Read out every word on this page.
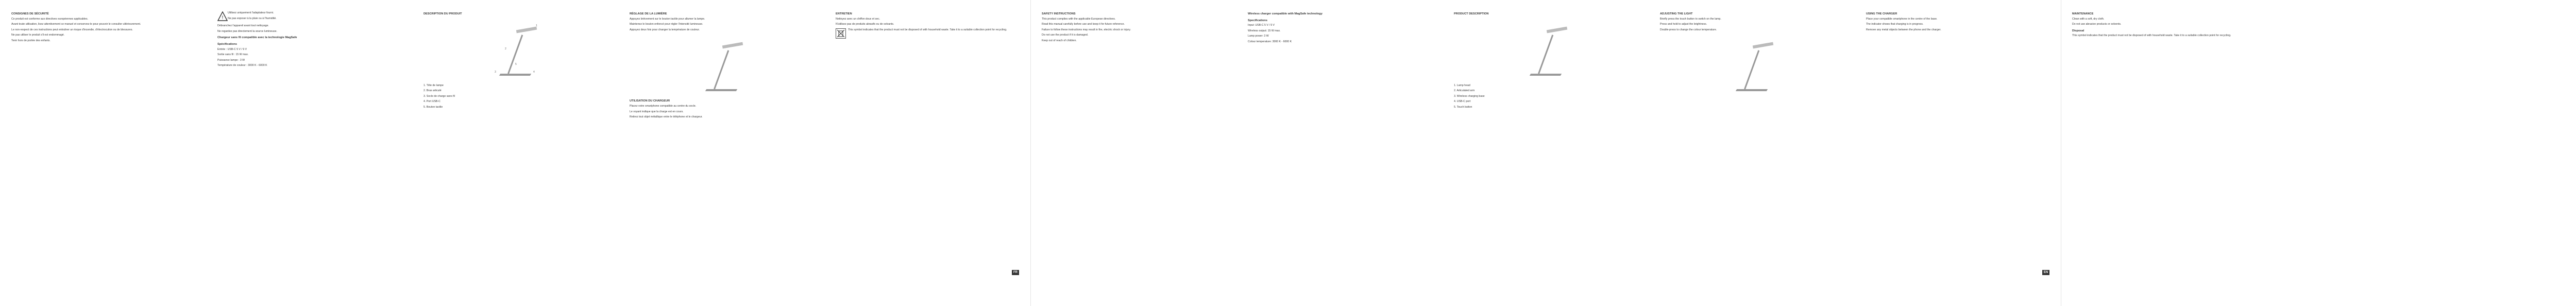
CONSIGNES DE SÉCURITÉ

Ce produit est conforme aux directives européennes applicables.

Avant toute utilisation, lisez attentivement ce manuel et conservez-le pour pouvoir le consulter ultérieurement.

Le non-respect de ces instructions peut entraîner un risque d'incendie, d'électrocution ou de blessures.

Ne pas utiliser le produit s'il est endommagé.

Tenir hors de portée des enfants.

!

Utilisez uniquement l'adaptateur fourni.

Ne pas exposer à la pluie ou à l'humidité.

Débranchez l'appareil avant tout nettoyage.

Ne regardez pas directement la source lumineuse.

Chargeur sans fil compatible avec la technologie MagSafe
Spécifications

Entrée : USB-C 5 V / 9 V

Sortie sans fil : 15 W max.

Puissance lampe : 3 W

Température de couleur : 3000 K - 6000 K

DESCRIPTION DU PRODUIT
1
2
3	4
5

1. Tête de lampe

2. Bras articulé

3. Socle de charge sans fil

4. Port USB-C

5. Bouton tactile

RÉGLAGE DE LA LUMIÈRE

Appuyez brièvement sur le bouton tactile pour allumer la lampe.

Maintenez le bouton enfoncé pour régler l'intensité lumineuse.

Appuyez deux fois pour changer la température de couleur.

UTILISATION DU CHARGEUR

Placez votre smartphone compatible au centre du socle.

Le voyant indique que la charge est en cours.

Retirez tout objet métallique entre le téléphone et le chargeur.

ENTRETIEN

Nettoyez avec un chiffon doux et sec.

N'utilisez pas de produits abrasifs ou de solvants.

This symbol indicates that the product must not be disposed of with household waste. Take it to a suitable collection point for recycling.

FR
SAFETY INSTRUCTIONS

This product complies with the applicable European directives.

Read this manual carefully before use and keep it for future reference.

Failure to follow these instructions may result in fire, electric shock or injury.

Do not use the product if it is damaged.

Keep out of reach of children.

Wireless charger compatible with MagSafe technology
Specifications

Input: USB-C 5 V / 9 V

Wireless output: 15 W max.

Lamp power: 3 W

Colour temperature: 3000 K - 6000 K

PRODUCT DESCRIPTION

1. Lamp head

2. Articulated arm

3. Wireless charging base

4. USB-C port

5. Touch button

ADJUSTING THE LIGHT

Briefly press the touch button to switch on the lamp.

Press and hold to adjust the brightness.

Double-press to change the colour temperature.

USING THE CHARGER

Place your compatible smartphone in the centre of the base.

The indicator shows that charging is in progress.

Remove any metal objects between the phone and the charger.

EN
MAINTENANCE

Clean with a soft, dry cloth.

Do not use abrasive products or solvents.

Disposal

This symbol indicates that the product must not be disposed of with household waste. Take it to a suitable collection point for recycling.
